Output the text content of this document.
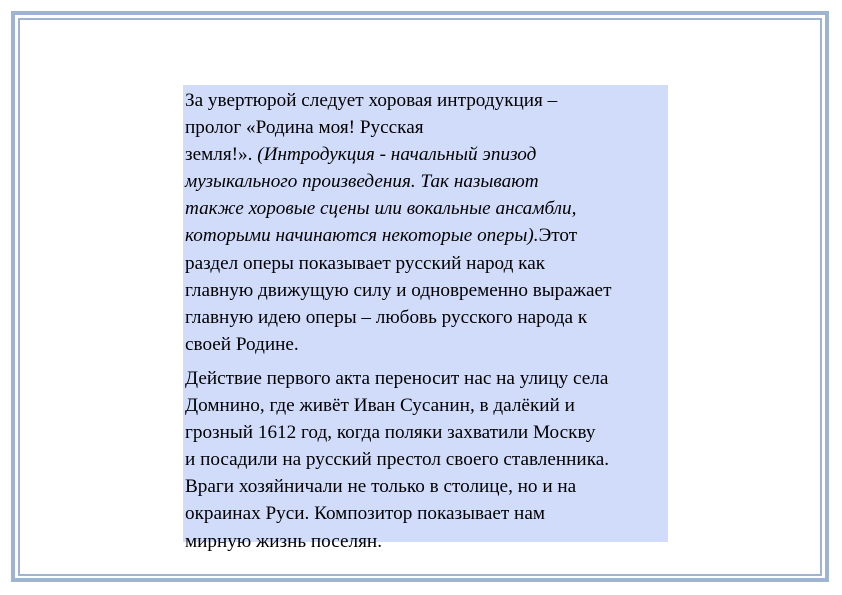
За увертюрой следует хоровая интродукция –
пролог «Родина моя! Русская
земля!». (Интродукция - начальный эпизод
музыкального произведения. Так называют
также хоровые сцены или вокальные ансамбли,
которыми начинаются некоторые оперы).Этот
раздел оперы показывает русский народ как
главную движущую силу и одновременно выражает
главную идею оперы – любовь русского народа к
своей Родине.

Действие первого акта переносит нас на улицу села
Домнино, где живёт Иван Сусанин, в далёкий и
грозный 1612 год, когда поляки захватили Москву
и посадили на русский престол своего ставленника.
Враги хозяйничали не только в столице, но и на
окраинах Руси. Композитор показывает нам
мирную жизнь поселян.
